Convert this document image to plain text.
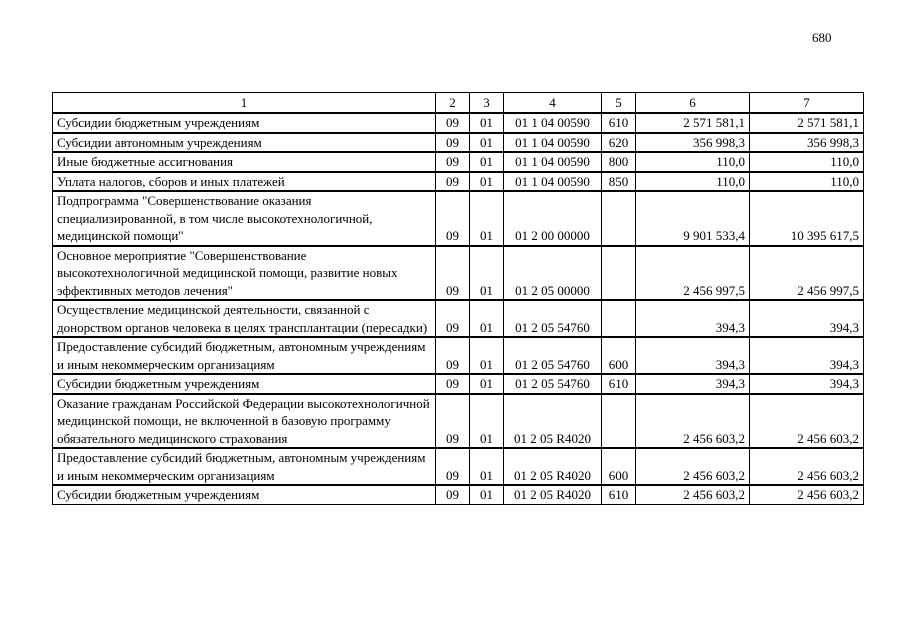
680
1	2	3	4	5	6	7
Субсидии бюджетным учреждениям	09	01	01 1 04 00590	610	2 571 581,1	2 571 581,1
Субсидии автономным учреждениям	09	01	01 1 04 00590	620	356 998,3	356 998,3
Иные бюджетные ассигнования	09	01	01 1 04 00590	800	110,0	110,0
Уплата налогов, сборов и иных платежей	09	01	01 1 04 00590	850	110,0	110,0
Подпрограмма "Совершенствование оказания специализированной, в том числе высокотехнологичной, медицинской помощи"	09	01	01 2 00 00000		9 901 533,4	10 395 617,5
Основное мероприятие "Совершенствование высокотехнологичной медицинской помощи, развитие новых эффективных методов лечения"	09	01	01 2 05 00000		2 456 997,5	2 456 997,5
Осуществление медицинской деятельности, связанной с донорством органов человека в целях трансплантации (пересадки)	09	01	01 2 05 54760		394,3	394,3
Предоставление субсидий бюджетным, автономным учреждениям и иным некоммерческим организациям	09	01	01 2 05 54760	600	394,3	394,3
Субсидии бюджетным учреждениям	09	01	01 2 05 54760	610	394,3	394,3
Оказание гражданам Российской Федерации высокотехнологичной медицинской помощи, не включенной в базовую программу обязательного медицинского страхования	09	01	01 2 05 R4020		2 456 603,2	2 456 603,2
Предоставление субсидий бюджетным, автономным учреждениям и иным некоммерческим организациям	09	01	01 2 05 R4020	600	2 456 603,2	2 456 603,2
Субсидии бюджетным учреждениям	09	01	01 2 05 R4020	610	2 456 603,2	2 456 603,2
